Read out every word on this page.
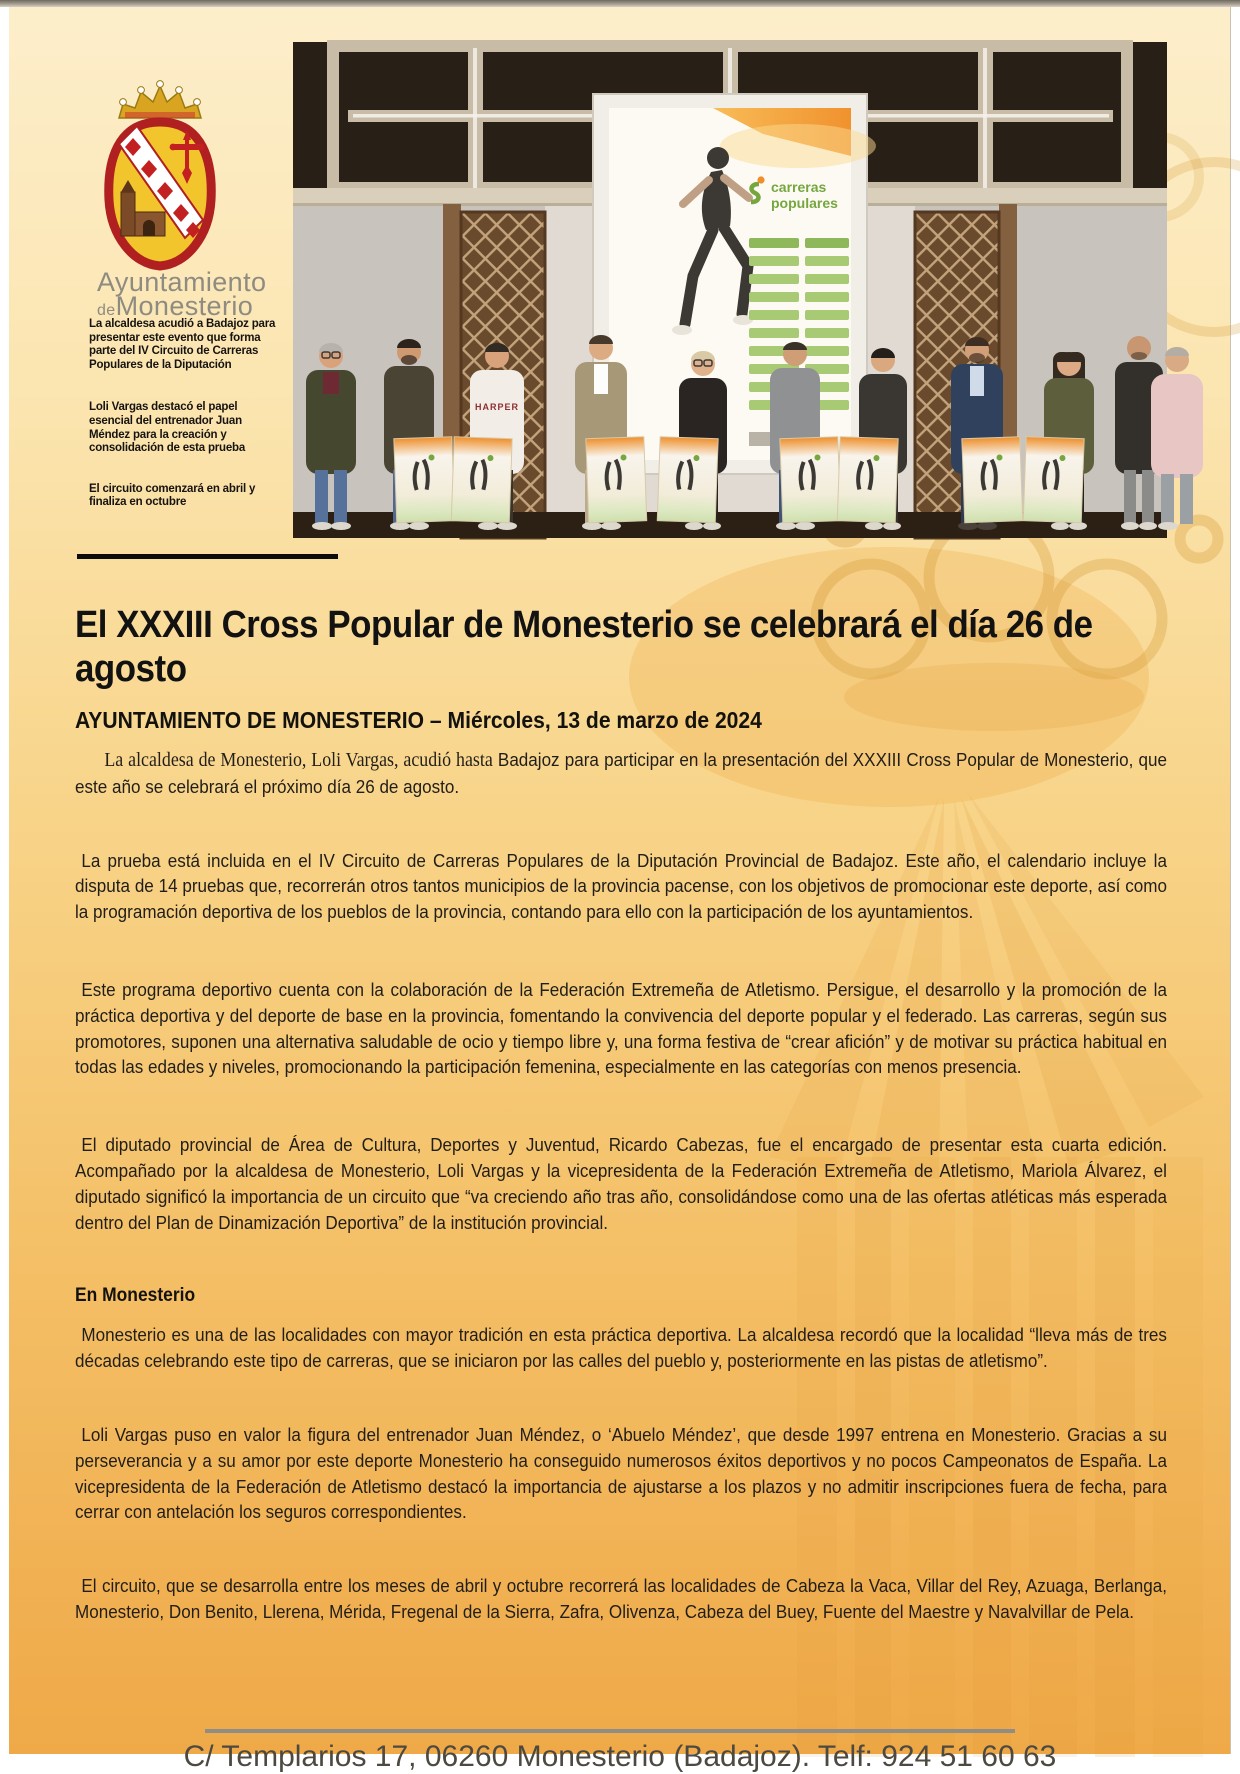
Ayuntamiento
deMonesterio

La alcaldesa acudió a Badajoz para presentar este evento que forma parte del IV Circuito de Carreras Populares de la Diputación

Loli Vargas destacó el papel esencial del entrenador Juan Méndez para la creación y consolidación de esta prueba

El circuito comenzará en abril y finaliza en octubre

carreras
populares
HARPER
El XXXIII Cross Popular de Monesterio se celebrará el día 26 de agosto
AYUNTAMIENTO DE MONESTERIO – Miércoles, 13 de marzo de 2024

La alcaldesa de Monesterio, Loli Vargas, acudió hasta Badajoz para participar en la presentación del XXXIII Cross Popular de Monesterio, que este año se celebrará el próximo día 26 de agosto.

La prueba está incluida en el IV Circuito de Carreras Populares de la Diputación Provincial de Badajoz. Este año, el calendario incluye la disputa de 14 pruebas que, recorrerán otros tantos municipios de la provincia pacense, con los objetivos de promocionar este deporte, así como la programación deportiva de los pueblos de la provincia, contando para ello con la participación de los ayuntamientos.

Este programa deportivo cuenta con la colaboración de la Federación Extremeña de Atletismo. Persigue, el desarrollo y la promoción de la práctica deportiva y del deporte de base en la provincia, fomentando la convivencia del deporte popular y el federado. Las carreras, según sus promotores, suponen una alternativa saludable de ocio y tiempo libre y, una forma festiva de “crear afición” y de motivar su práctica habitual en todas las edades y niveles, promocionando la participación femenina, especialmente en las categorías con menos presencia.

El diputado provincial de Área de Cultura, Deportes y Juventud, Ricardo Cabezas, fue el encargado de presentar esta cuarta edición. Acompañado por la alcaldesa de Monesterio, Loli Vargas y la vicepresidenta de la Federación Extremeña de Atletismo, Mariola Álvarez, el diputado significó la importancia de un circuito que “va creciendo año tras año, consolidándose como una de las ofertas atléticas más esperada dentro del Plan de Dinamización Deportiva” de la institución provincial.

En Monesterio

Monesterio es una de las localidades con mayor tradición en esta práctica deportiva. La alcaldesa recordó que la localidad “lleva más de tres décadas celebrando este tipo de carreras, que se iniciaron por las calles del pueblo y, posteriormente en las pistas de atletismo”.

Loli Vargas puso en valor la figura del entrenador Juan Méndez, o ‘Abuelo Méndez’, que desde 1997 entrena en Monesterio. Gracias a su perseverancia y a su amor por este deporte Monesterio ha conseguido numerosos éxitos deportivos y no pocos Campeonatos de España. La vicepresidenta de la Federación de Atletismo destacó la importancia de ajustarse a los plazos y no admitir inscripciones fuera de fecha, para cerrar con antelación los seguros correspondientes.

El circuito, que se desarrolla entre los meses de abril y octubre recorrerá las localidades de Cabeza la Vaca, Villar del Rey, Azuaga, Berlanga, Monesterio, Don Benito, Llerena, Mérida, Fregenal de la Sierra, Zafra, Olivenza, Cabeza del Buey, Fuente del Maestre y Navalvillar de Pela.

C/ Templarios 17, 06260 Monesterio (Badajoz). Telf: 924 51 60 63
